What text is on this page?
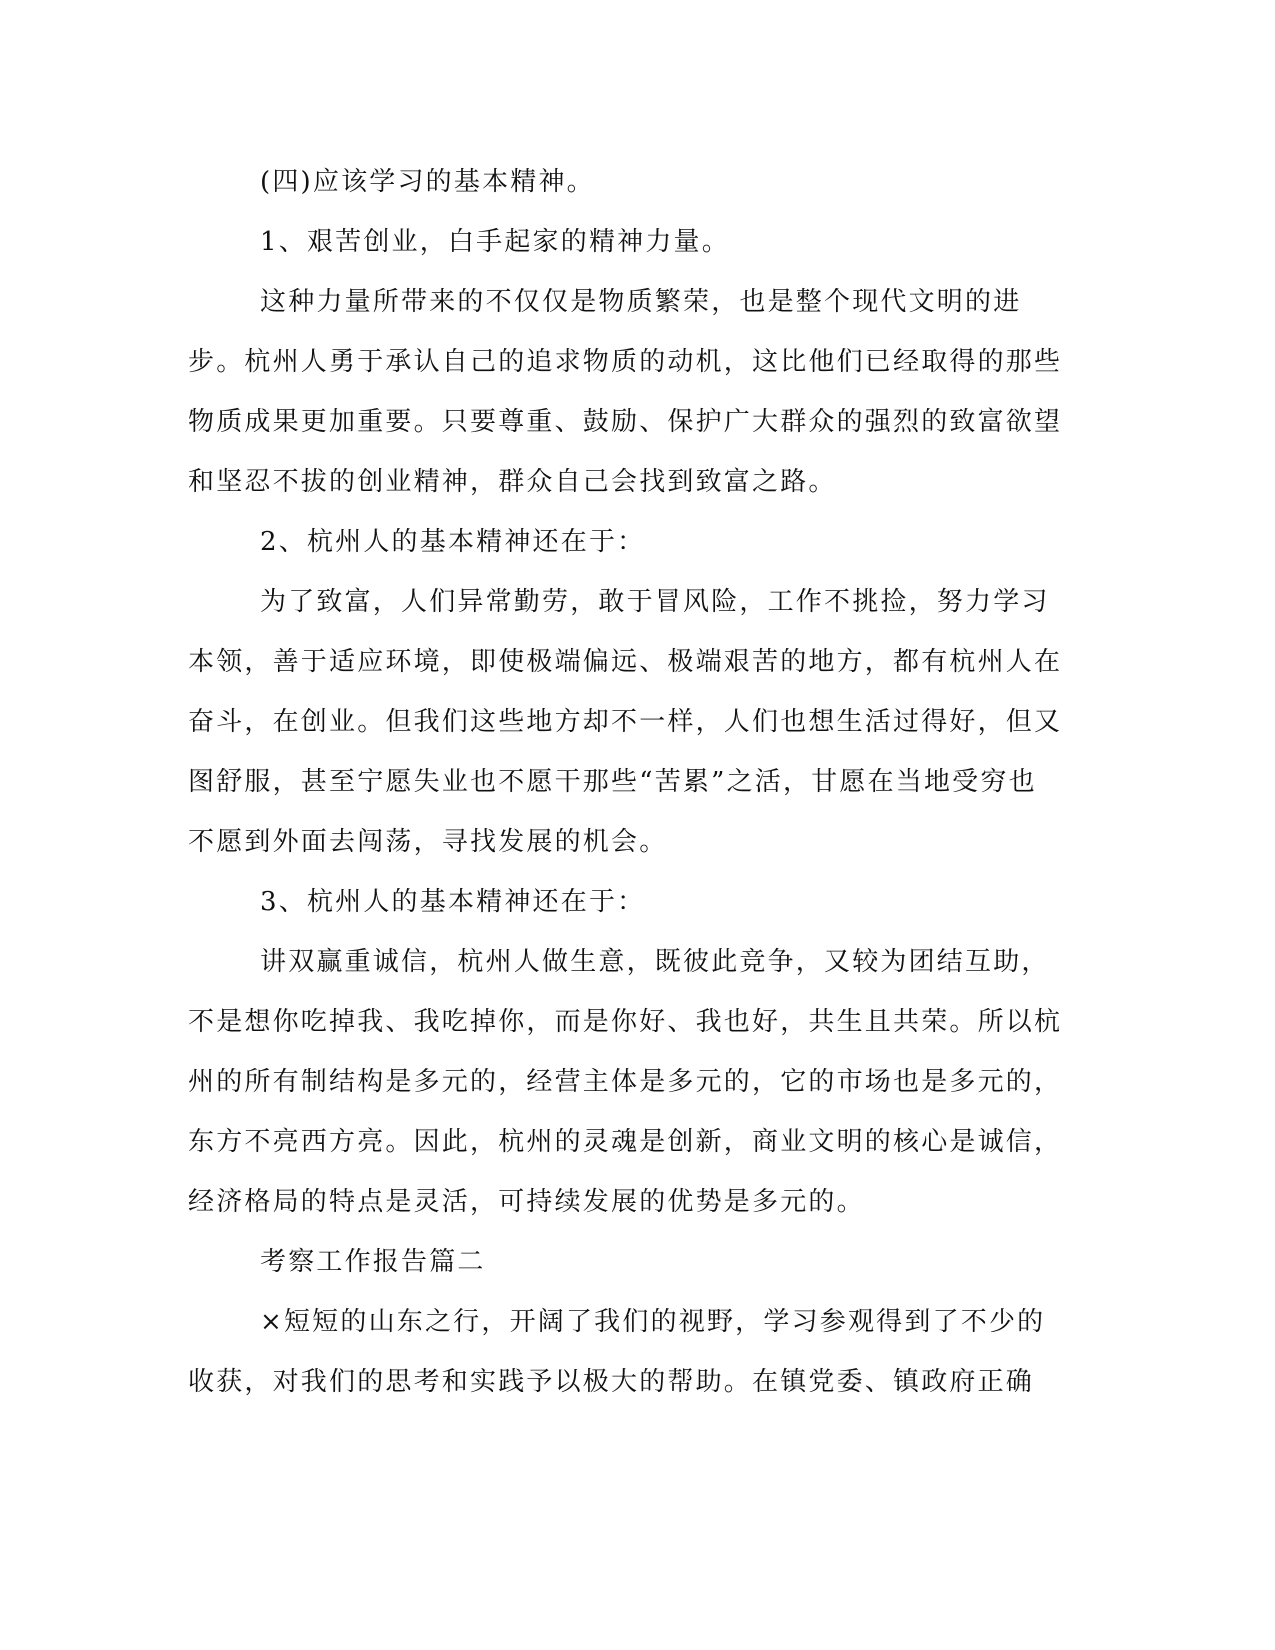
(四)应该学习的基本精神。

1、艰苦创业，白手起家的精神力量。

这种力量所带来的不仅仅是物质繁荣，也是整个现代文明的进步。杭州人勇于承认自己的追求物质的动机，这比他们已经取得的那些物质成果更加重要。只要尊重、鼓励、保护广大群众的强烈的致富欲望和坚忍不拔的创业精神，群众自己会找到致富之路。

2、杭州人的基本精神还在于：

为了致富，人们异常勤劳，敢于冒风险，工作不挑捡，努力学习本领，善于适应环境，即使极端偏远、极端艰苦的地方，都有杭州人在奋斗，在创业。但我们这些地方却不一样，人们也想生活过得好，但又图舒服，甚至宁愿失业也不愿干那些“苦累”之活，甘愿在当地受穷也不愿到外面去闯荡，寻找发展的机会。

3、杭州人的基本精神还在于：

讲双赢重诚信，杭州人做生意，既彼此竞争，又较为团结互助，不是想你吃掉我、我吃掉你，而是你好、我也好，共生且共荣。所以杭州的所有制结构是多元的，经营主体是多元的，它的市场也是多元的，东方不亮西方亮。因此，杭州的灵魂是创新，商业文明的核心是诚信，经济格局的特点是灵活，可持续发展的优势是多元的。

考察工作报告篇二

×短短的山东之行，开阔了我们的视野，学习参观得到了不少的收获，对我们的思考和实践予以极大的帮助。在镇党委、镇政府正确
